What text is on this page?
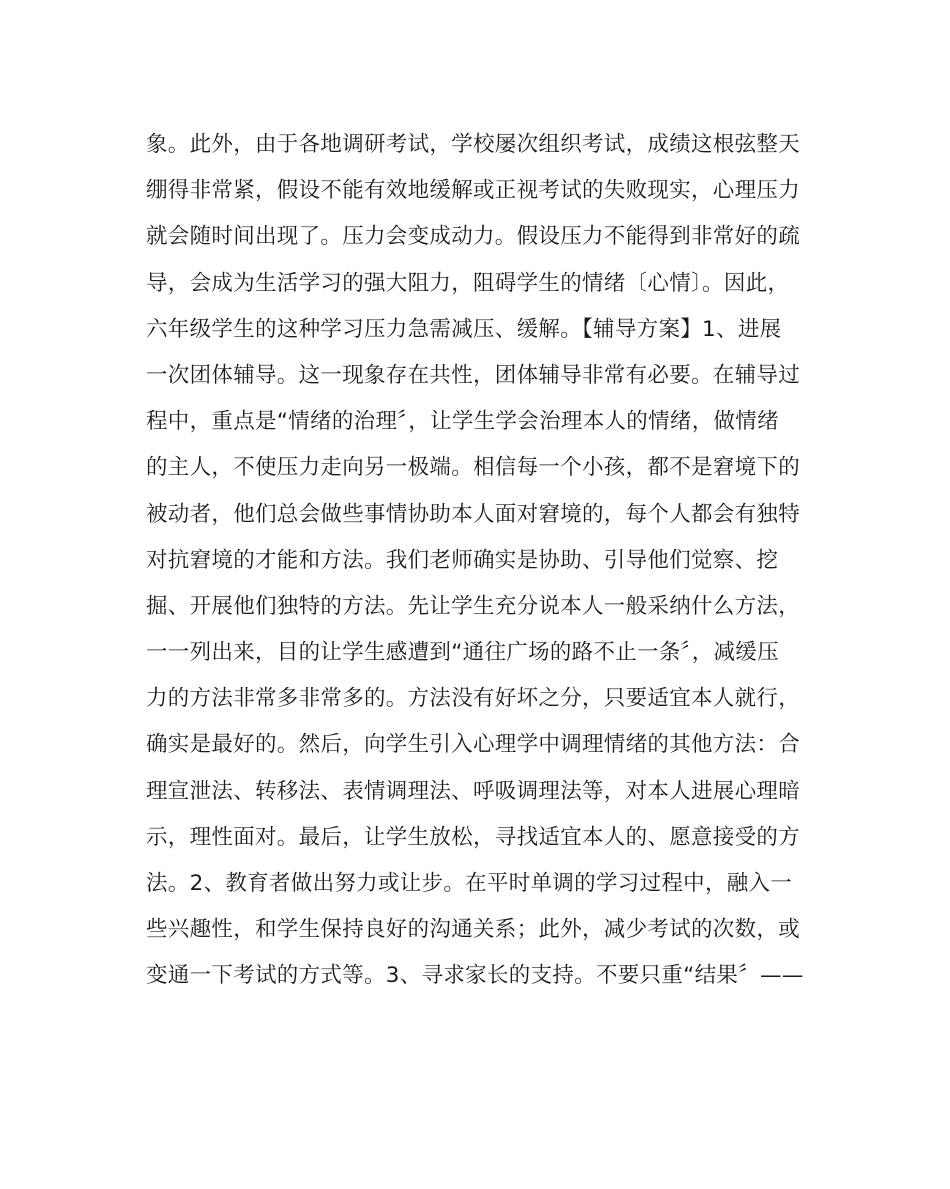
象。此外，由于各地调研考试，学校屡次组织考试，成绩这根弦整天
绷得非常紧，假设不能有效地缓解或正视考试的失败现实，心理压力
就会随时间出现了。压力会变成动力。假设压力不能得到非常好的疏
导，会成为生活学习的强大阻力，阻碍学生的情绪〔心情〕。因此，
六年级学生的这种学习压力急需减压、缓解。【辅导方案】1、进展
一次团体辅导。这一现象存在共性，团体辅导非常有必要。在辅导过
程中，重点是“情绪的治理〞，让学生学会治理本人的情绪，做情绪
的主人，不使压力走向另一极端。相信每一个小孩，都不是窘境下的
被动者，他们总会做些事情协助本人面对窘境的，每个人都会有独特
对抗窘境的才能和方法。我们老师确实是协助、引导他们觉察、挖
掘、开展他们独特的方法。先让学生充分说本人一般采纳什么方法，
一一列出来，目的让学生感遭到“通往广场的路不止一条〞，减缓压
力的方法非常多非常多的。方法没有好坏之分，只要适宜本人就行，
确实是最好的。然后，向学生引入心理学中调理情绪的其他方法：合
理宣泄法、转移法、表情调理法、呼吸调理法等，对本人进展心理暗
示，理性面对。最后，让学生放松，寻找适宜本人的、愿意接受的方
法。2、教育者做出努力或让步。在平时单调的学习过程中，融入一
些兴趣性，和学生保持良好的沟通关系；此外，减少考试的次数，或
变通一下考试的方式等。3、寻求家长的支持。不要只重“结果〞——
